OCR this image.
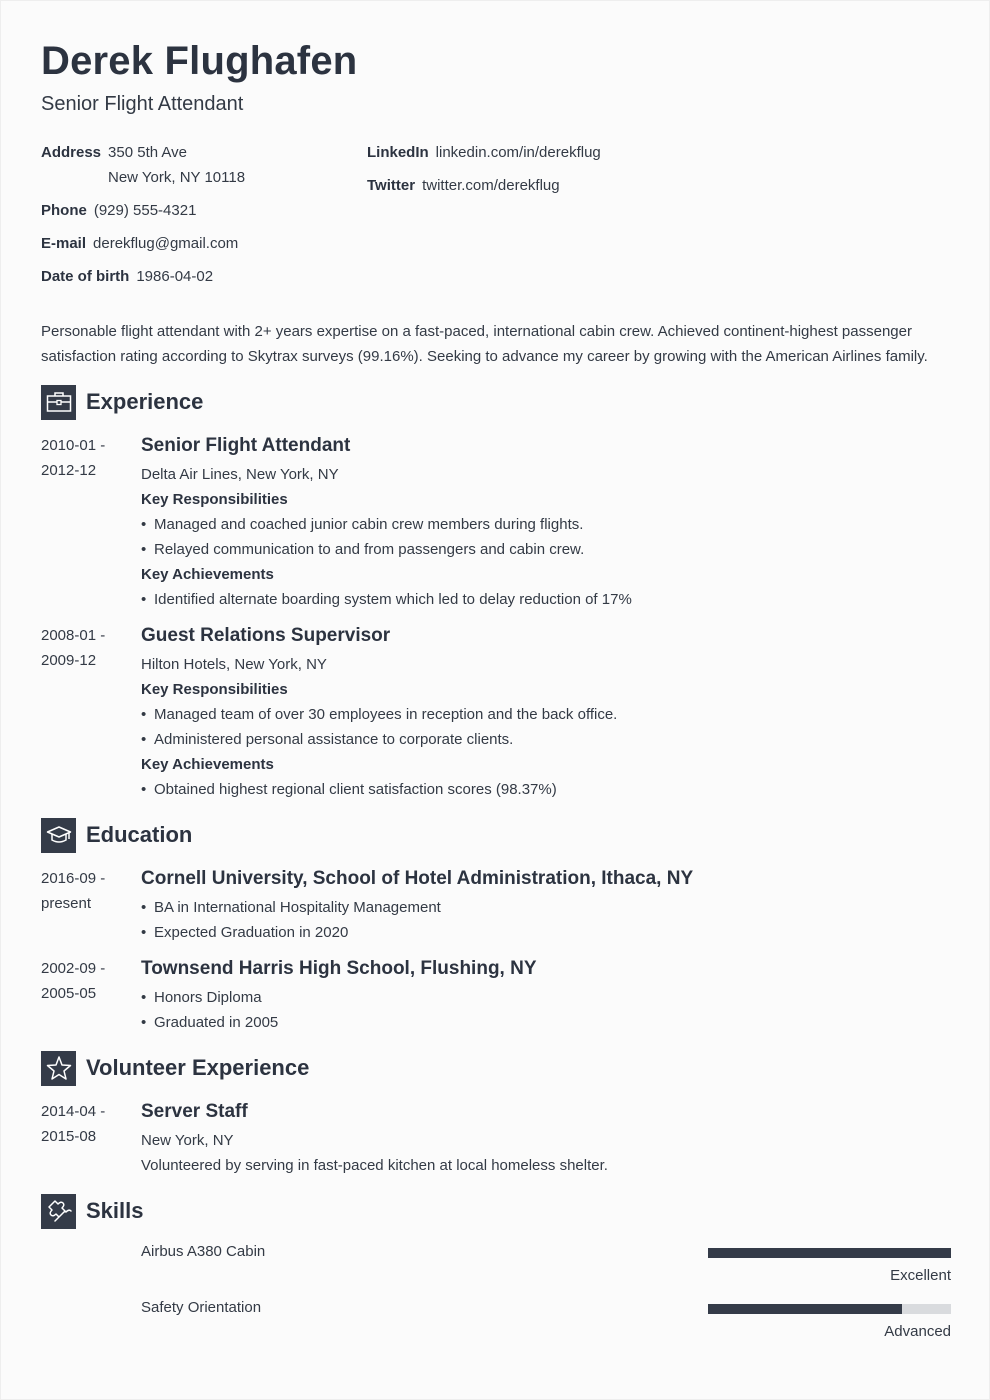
Derek Flughafen
Senior Flight Attendant
Address 350 5th Ave
New York, NY 10118
Phone (929) 555-4321
E-mail derekflug@gmail.com
Date of birth 1986-04-02
LinkedIn linkedin.com/in/derekflug
Twitter twitter.com/derekflug
Personable flight attendant with 2+ years expertise on a fast-paced, international cabin crew. Achieved continent-highest passenger satisfaction rating according to Skytrax surveys (99.16%). Seeking to advance my career by growing with the American Airlines family.
Experience
2010-01 -
2012-12
Senior Flight Attendant
Delta Air Lines, New York, NY
Key Responsibilities
• Managed and coached junior cabin crew members during flights.
• Relayed communication to and from passengers and cabin crew.
Key Achievements
• Identified alternate boarding system which led to delay reduction of 17%
2008-01 -
2009-12
Guest Relations Supervisor
Hilton Hotels, New York, NY
Key Responsibilities
• Managed team of over 30 employees in reception and the back office.
• Administered personal assistance to corporate clients.
Key Achievements
• Obtained highest regional client satisfaction scores (98.37%)
Education
2016-09 -
present
Cornell University, School of Hotel Administration, Ithaca, NY
• BA in International Hospitality Management
• Expected Graduation in 2020
2002-09 -
2005-05
Townsend Harris High School, Flushing, NY
• Honors Diploma
• Graduated in 2005
Volunteer Experience
2014-04 -
2015-08
Server Staff
New York, NY
Volunteered by serving in fast-paced kitchen at local homeless shelter.
Skills
Airbus A380 Cabin
Excellent
Safety Orientation
Advanced
